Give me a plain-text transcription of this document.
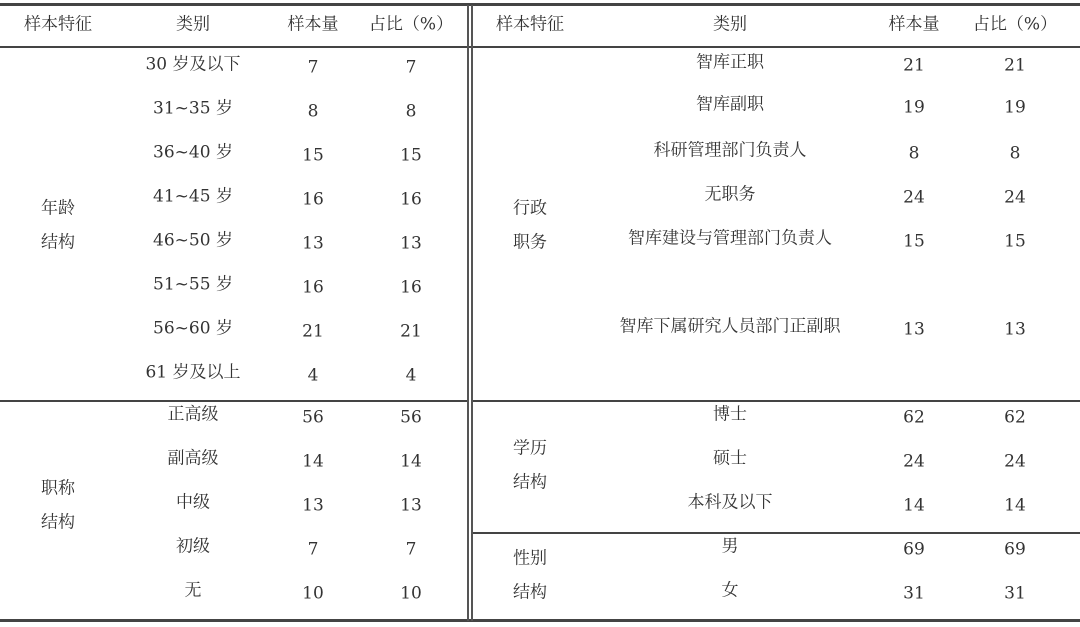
样本特征	类别	样本量 占比（%）	样本特征	类别	样本量 占比（%）
年龄
结构
30 岁及以下	7	7
31~35 岁	8	8
36~40 岁	15	15
41~45 岁	16	16
46~50 岁	13	13
51~55 岁	16	16
56~60 岁	21	21
61 岁及以上	4	4
职称
结构
正高级	56	56
副高级	14	14
中级	13	13
初级	7	7
无	10	10
行政
职务
智库正职	21	21
智库副职	19	19
科研管理部门负责人	8	8
无职务	24	24
智库建设与管理部门负责人	15	15
智库下属研究人员部门正副职	13	13
学历
结构
博士	62	62
硕士	24	24
本科及以下	14	14
性别
结构
男	69	69
女	31	31
